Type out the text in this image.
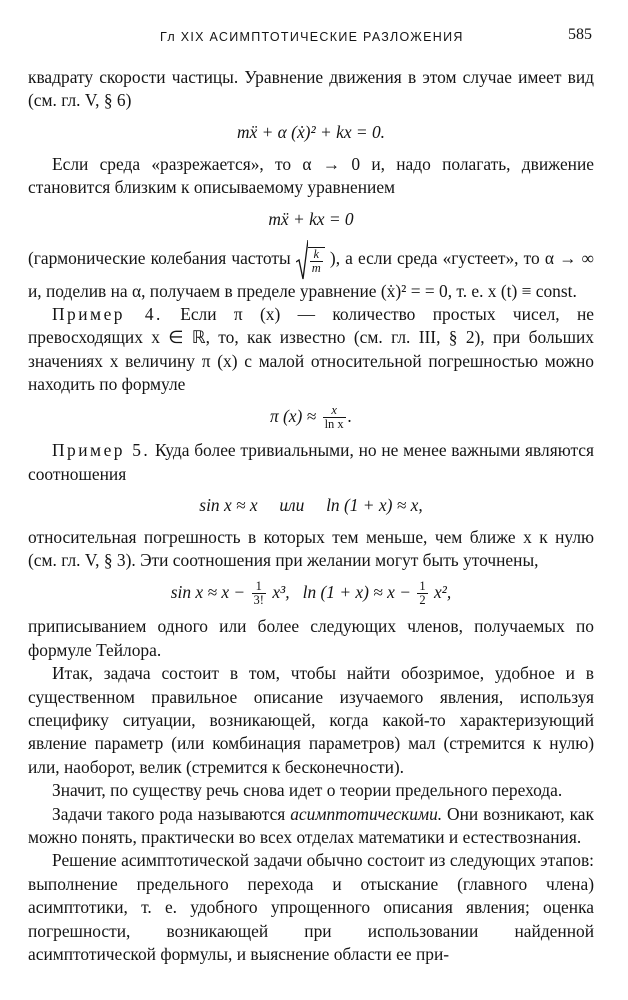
Гл XIX АСИМПТОТИЧЕСКИЕ РАЗЛОЖЕНИЯ	585

квадрату скорости частицы. Уравнение движения в этом случае имеет вид (см. гл. V, § 6)

mẍ + α (ẋ)² + kx = 0.

Если среда «разрежается», то α → 0 и, надо полагать, движение становится близким к описываемому уравнением

mẍ + kx = 0

(гармонические колебания частоты $\frac{k}{m}$ ), а если среда «густеет», то α → ∞ и, поделив на α, получаем в пределе уравнение (ẋ)² = = 0, т. е. x (t) ≡ const.

Пример 4. Если π (x) — количество простых чисел, не превосходящих x ∈ ℝ, то, как известно (см. гл. III, § 2), при больших значениях x величину π (x) с малой относительной погрешностью можно находить по формуле

π $(x) \approx \frac{x}{\text{ln x}}$ .

Пример 5. Куда более тривиальными, но не менее важными являются соотношения

sin x ≈ x     или     ln (1 + x) ≈ x,

относительная погрешность в которых тем меньше, чем ближе x к нулю (см. гл. V, § 3). Эти соотношения при желании могут быть уточнены,

$\sin x \approx x - \frac{1}{3!} x^3$,   $\ln (1 + x) \approx x - \frac{1}{2} x^2$,

приписыванием одного или более следующих членов, получаемых по формуле Тейлора.

Итак, задача состоит в том, чтобы найти обозримое, удобное и в существенном правильное описание изучаемого явления, используя специфику ситуации, возникающей, когда какой-то характеризующий явление параметр (или комбинация параметров) мал (стремится к нулю) или, наоборот, велик (стремится к бесконечности).

Значит, по существу речь снова идет о теории предельного перехода.

Задачи такого рода называются асимптотическими. Они возникают, как можно понять, практически во всех отделах математики и естествознания.

Решение асимптотической задачи обычно состоит из следующих этапов: выполнение предельного перехода и отыскание (главного члена) асимптотики, т. е. удобного упрощенного описания явления; оценка погрешности, возникающей при использовании найденной асимптотической формулы, и выяснение области ее при-
